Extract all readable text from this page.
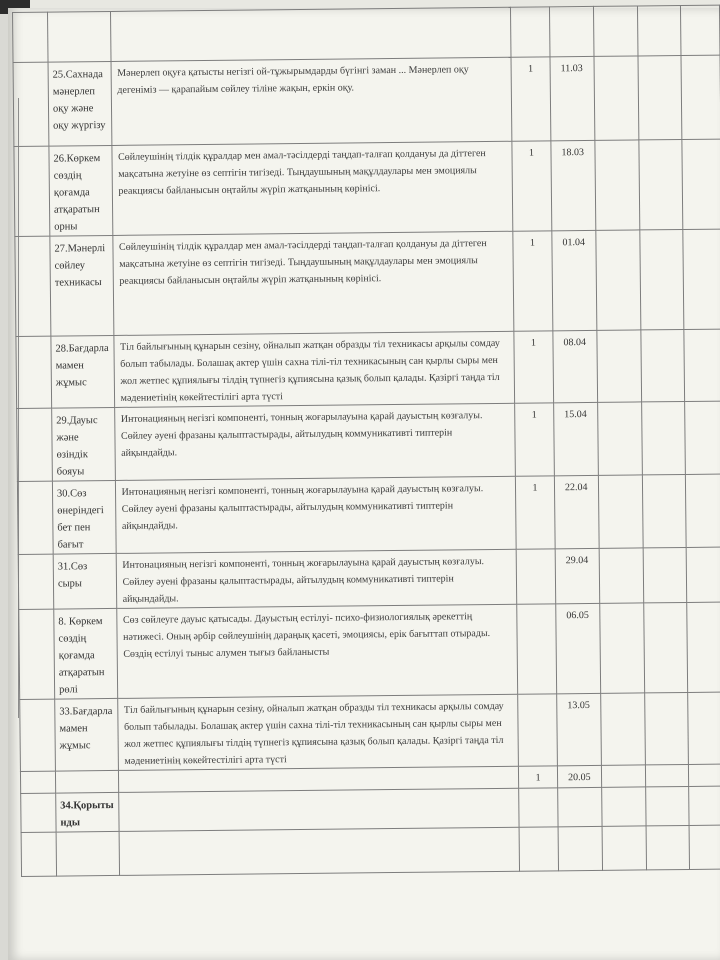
	25.Сахнада мәнерлеп оқу және оқу жүргізу	Мәнерлеп оқуға қатысты негізгі ой-тұжырымдарды бүгінгі заман ... Мәнерлеп оқу дегеніміз — қарапайым сөйлеу тіліне жақын, еркін оқу.	1	11.03			
	26.Көркем сөздің қоғамда атқаратын орны	Сөйлеушінің тілдік құралдар мен амал-тәсілдерді таңдап-талғап қолдануы да діттеген мақсатына жетуіне өз септігін тигізеді. Тыңдаушының мақұлдаулары мен эмоциялы реакциясы байланысын оңтайлы жүріп жатқанының көрінісі.	1	18.03			
	27.Мәнерлі сөйлеу техникасы	Сөйлеушінің тілдік құралдар мен амал-тәсілдерді таңдап-талғап қолдануы да діттеген мақсатына жетуіне өз септігін тигізеді. Тыңдаушының мақұлдаулары мен эмоциялы реакциясы байланысын оңтайлы жүріп жатқанының көрінісі.	1	01.04			
	28.Бағдарламамен жұмыс	Тіл байлығының құнарын сезіну, ойналып жатқан образды тіл техникасы арқылы сомдау болып табылады. Болашақ актер үшін сахна тілі-тіл техникасының сан қырлы сыры мен жол жетпес құпиялығы тілдің түпнегіз құпиясына қазық болып қалады. Қазіргі таңда тіл мәдениетінің көкейтестілігі арта түсті	1	08.04			
	29.Дауыс және өзіндік бояуы	Интонацияның негізгі компоненті, тонның жоғарылауына қарай дауыстың көзғалуы. Сөйлеу әуені фразаны қалыптастырады, айтылудың коммуникативті типтерін айқындайды.	1	15.04			
	30.Сөз өнеріндегі бет пен бағыт	Интонацияның негізгі компоненті, тонның жоғарылауына қарай дауыстың көзғалуы. Сөйлеу әуені фразаны қалыптастырады, айтылудың коммуникативті типтерін айқындайды.	1	22.04			
	31.Сөз сыры	Интонацияның негізгі компоненті, тонның жоғарылауына қарай дауыстың көзғалуы. Сөйлеу әуені фразаны қалыптастырады, айтылудың коммуникативті типтерін айқындайды.		29.04			
	8. Көркем сөздің қоғамда атқаратын рөлі	Сөз сөйлеуге дауыс қатысады. Дауыстың естілуі- психо-физиологиялық әрекеттің нәтижесі. Оның әрбір сөйлеушінің дараңық қасеті, эмоциясы, ерік бағыттап отырады. Сөздің естілуі тыныс алумен тығыз байланысты		06.05			
	33.Бағдарламамен жұмыс	Тіл байлығының құнарын сезіну, ойналып жатқан образды тіл техникасы арқылы сомдау болып табылады. Болашақ актер үшін сахна тілі-тіл техникасының сан қырлы сыры мен жол жетпес құпиялығы тілдің түпнегіз құпиясына қазық болып қалады. Қазіргі таңда тіл мәдениетінің көкейтестілігі арта түсті		13.05			
			1	20.05			
	34.Қорытынды						
